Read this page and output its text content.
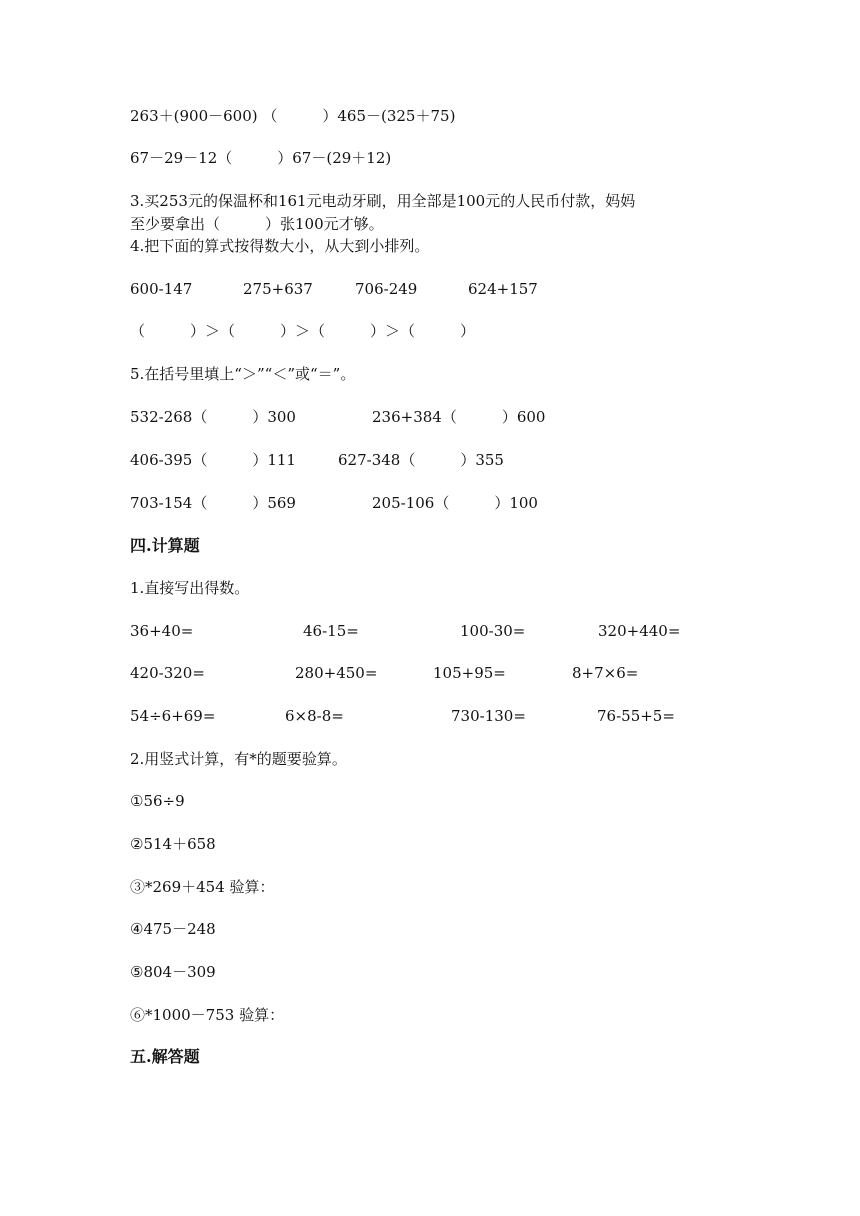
263＋(900－600) （　　　）465－(325＋75)
67－29－12（　　　）67－(29＋12)
3.买253元的保温杯和161元电动牙刷，用全部是100元的人民币付款，妈妈
至少要拿出（　　　）张100元才够。
4.把下面的算式按得数大小，从大到小排列。
600-147	275+637	706-249	624+157
（　　　）＞（　　　）＞（　　　）＞（　　　）
5.在括号里填上“＞”“＜”或“＝”。
532-268（　　　）300	236+384（　　　）600
406-395（　　　）111	627-348（　　　）355
703-154（　　　）569	205-106（　　　）100
四.计算题
1.直接写出得数。
36+40=	46-15=	100-30=	320+440=
420-320=	280+450=	105+95=	8+7×6=
54÷6+69=	6×8-8=	730-130=	76-55+5=
2.用竖式计算，有*的题要验算。
①56÷9
②514＋658
③*269＋454 验算：
④475－248
⑤804－309
⑥*1000－753 验算：
五.解答题
